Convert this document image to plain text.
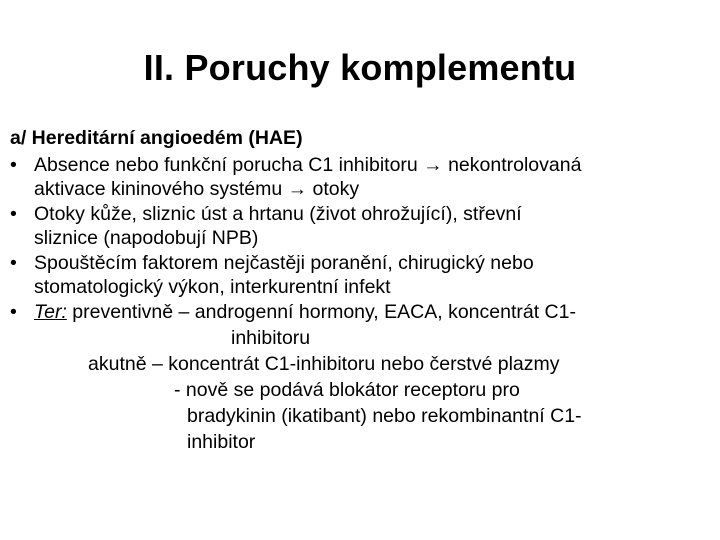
II. Poruchy komplementu
a/ Hereditární angioedém (HAE)
• Absence nebo funkční porucha C1 inhibitoru → nekontrolovaná
aktivace kininového systému → otoky
• Otoky kůže, sliznic úst a hrtanu (život ohrožující), střevní
sliznice (napodobují NPB)
• Spouštěcím faktorem nejčastěji poranění, chirugický nebo
stomatologický výkon, interkurentní infekt
• Ter: preventivně – androgenní hormony, EACA, koncentrát C1-
inhibitoru
akutně – koncentrát C1-inhibitoru nebo čerstvé plazmy
- nově se podává blokátor receptoru pro
bradykinin (ikatibant) nebo rekombinantní C1-
inhibitor
